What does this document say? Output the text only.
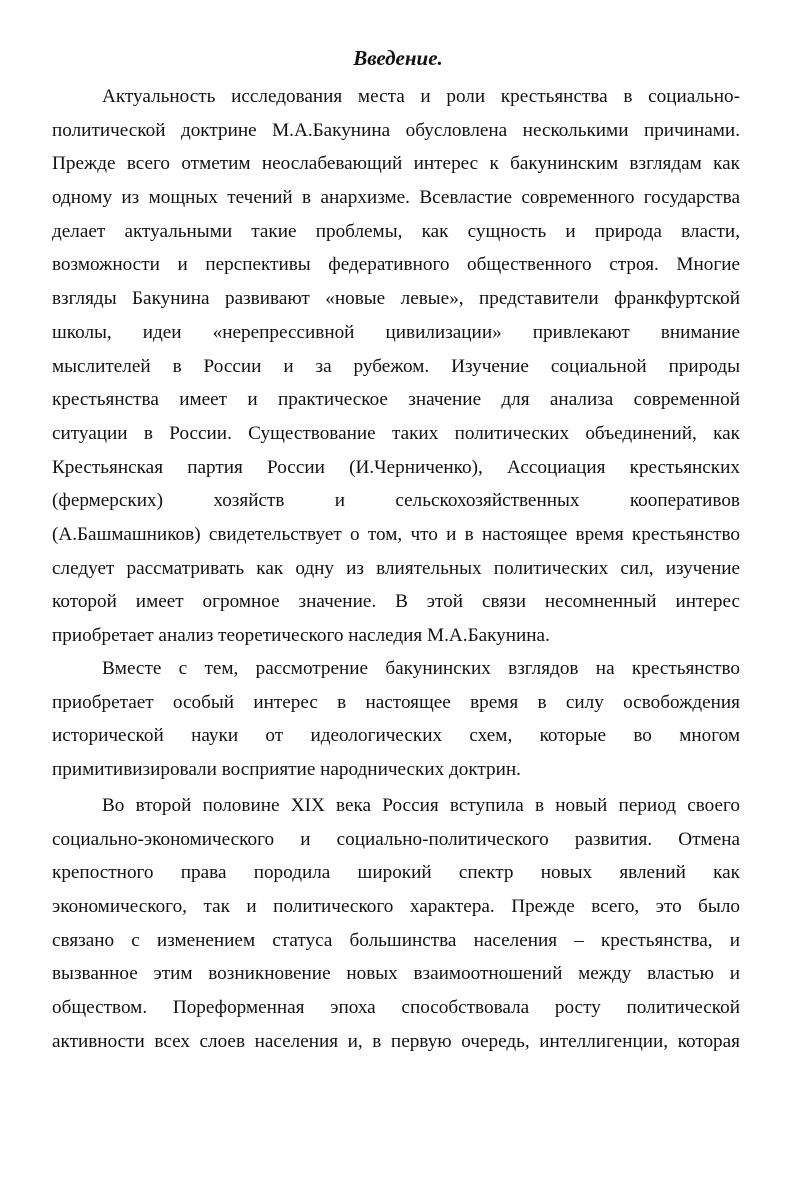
Введение.
Актуальность исследования места и роли крестьянства в социально-
политической доктрине М.А.Бакунина обусловлена несколькими причинами.
Прежде всего отметим неослабевающий интерес к бакунинским взглядам как
одному из мощных течений в анархизме. Всевластие современного государства
делает актуальными такие проблемы, как сущность и природа власти,
возможности и перспективы федеративного общественного строя. Многие
взгляды Бакунина развивают «новые левые», представители франкфуртской
школы, идеи «нерепрессивной цивилизации» привлекают внимание
мыслителей в России и за рубежом. Изучение социальной природы
крестьянства имеет и практическое значение для анализа современной
ситуации в России. Существование таких политических объединений, как
Крестьянская партия России (И.Черниченко), Ассоциация крестьянских
(фермерских) хозяйств и сельскохозяйственных кооперативов
(А.Башмашников) свидетельствует о том, что и в настоящее время крестьянство
следует рассматривать как одну из влиятельных политических сил, изучение
которой имеет огромное значение. В этой связи несомненный интерес
приобретает анализ теоретического наследия М.А.Бакунина.
Вместе с тем, рассмотрение бакунинских взглядов на крестьянство
приобретает особый интерес в настоящее время в силу освобождения
исторической науки от идеологических схем, которые во многом
примитивизировали восприятие народнических доктрин.
Во второй половине XIX века Россия вступила в новый период своего
социально-экономического и социально-политического развития. Отмена
крепостного права породила широкий спектр новых явлений как
экономического, так и политического характера. Прежде всего, это было
связано с изменением статуса большинства населения – крестьянства, и
вызванное этим возникновение новых взаимоотношений между властью и
обществом. Пореформенная эпоха способствовала росту политической
активности всех слоев населения и, в первую очередь, интеллигенции, которая
